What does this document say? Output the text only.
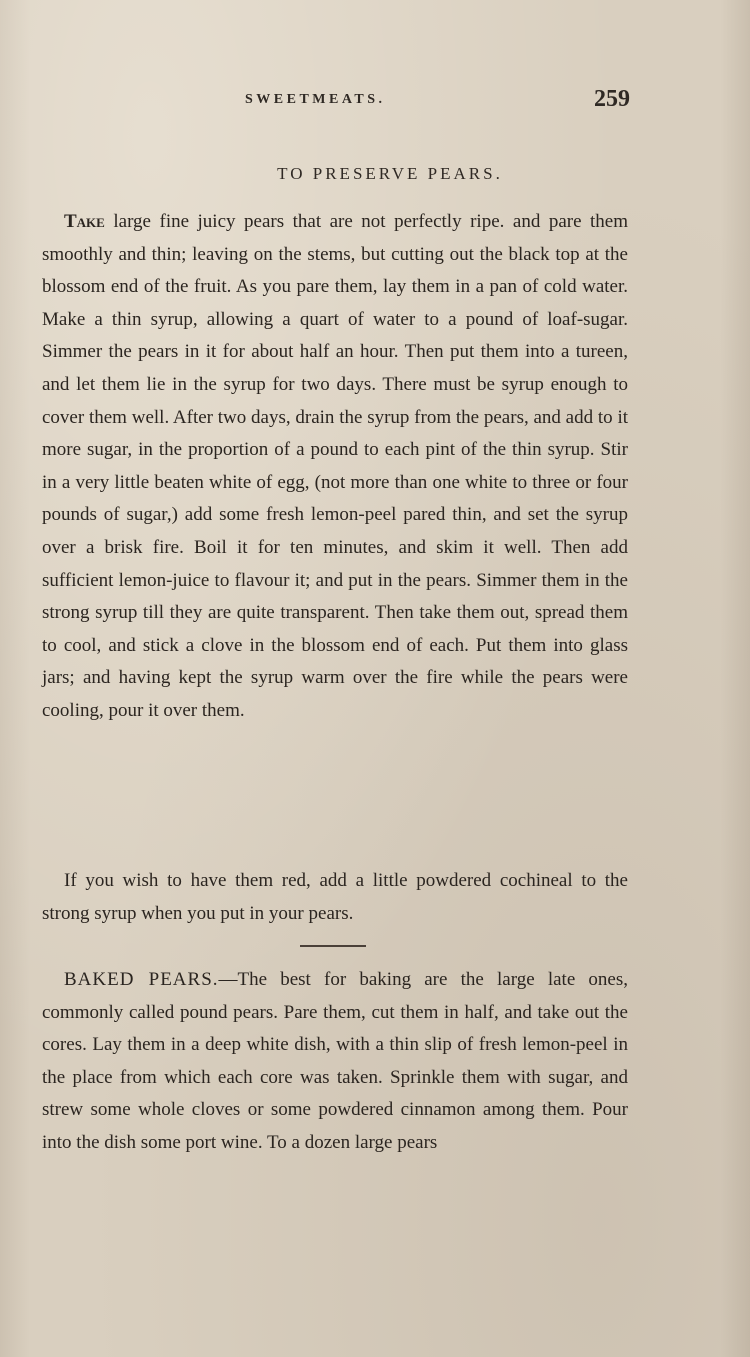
SWEETMEATS.	259
TO PRESERVE PEARS.

Take large fine juicy pears that are not perfectly ripe. and pare them smoothly and thin; leaving on the stems, but cutting out the black top at the blossom end of the fruit. As you pare them, lay them in a pan of cold water. Make a thin syrup, allowing a quart of water to a pound of loaf-sugar. Simmer the pears in it for about half an hour. Then put them into a tureen, and let them lie in the syrup for two days. There must be syrup enough to cover them well. After two days, drain the syrup from the pears, and add to it more sugar, in the proportion of a pound to each pint of the thin syrup. Stir in a very little beaten white of egg, (not more than one white to three or four pounds of sugar,) add some fresh lemon-peel pared thin, and set the syrup over a brisk fire. Boil it for ten minutes, and skim it well. Then add sufficient lemon-juice to flavour it; and put in the pears. Simmer them in the strong syrup till they are quite transparent. Then take them out, spread them to cool, and stick a clove in the blossom end of each. Put them into glass jars; and having kept the syrup warm over the fire while the pears were cooling, pour it over them.

If you wish to have them red, add a little powdered cochineal to the strong syrup when you put in your pears.

BAKED PEARS.—The best for baking are the large late ones, commonly called pound pears. Pare them, cut them in half, and take out the cores. Lay them in a deep white dish, with a thin slip of fresh lemon-peel in the place from which each core was taken. Sprinkle them with sugar, and strew some whole cloves or some powdered cinnamon among them. Pour into the dish some port wine. To a dozen large pears
